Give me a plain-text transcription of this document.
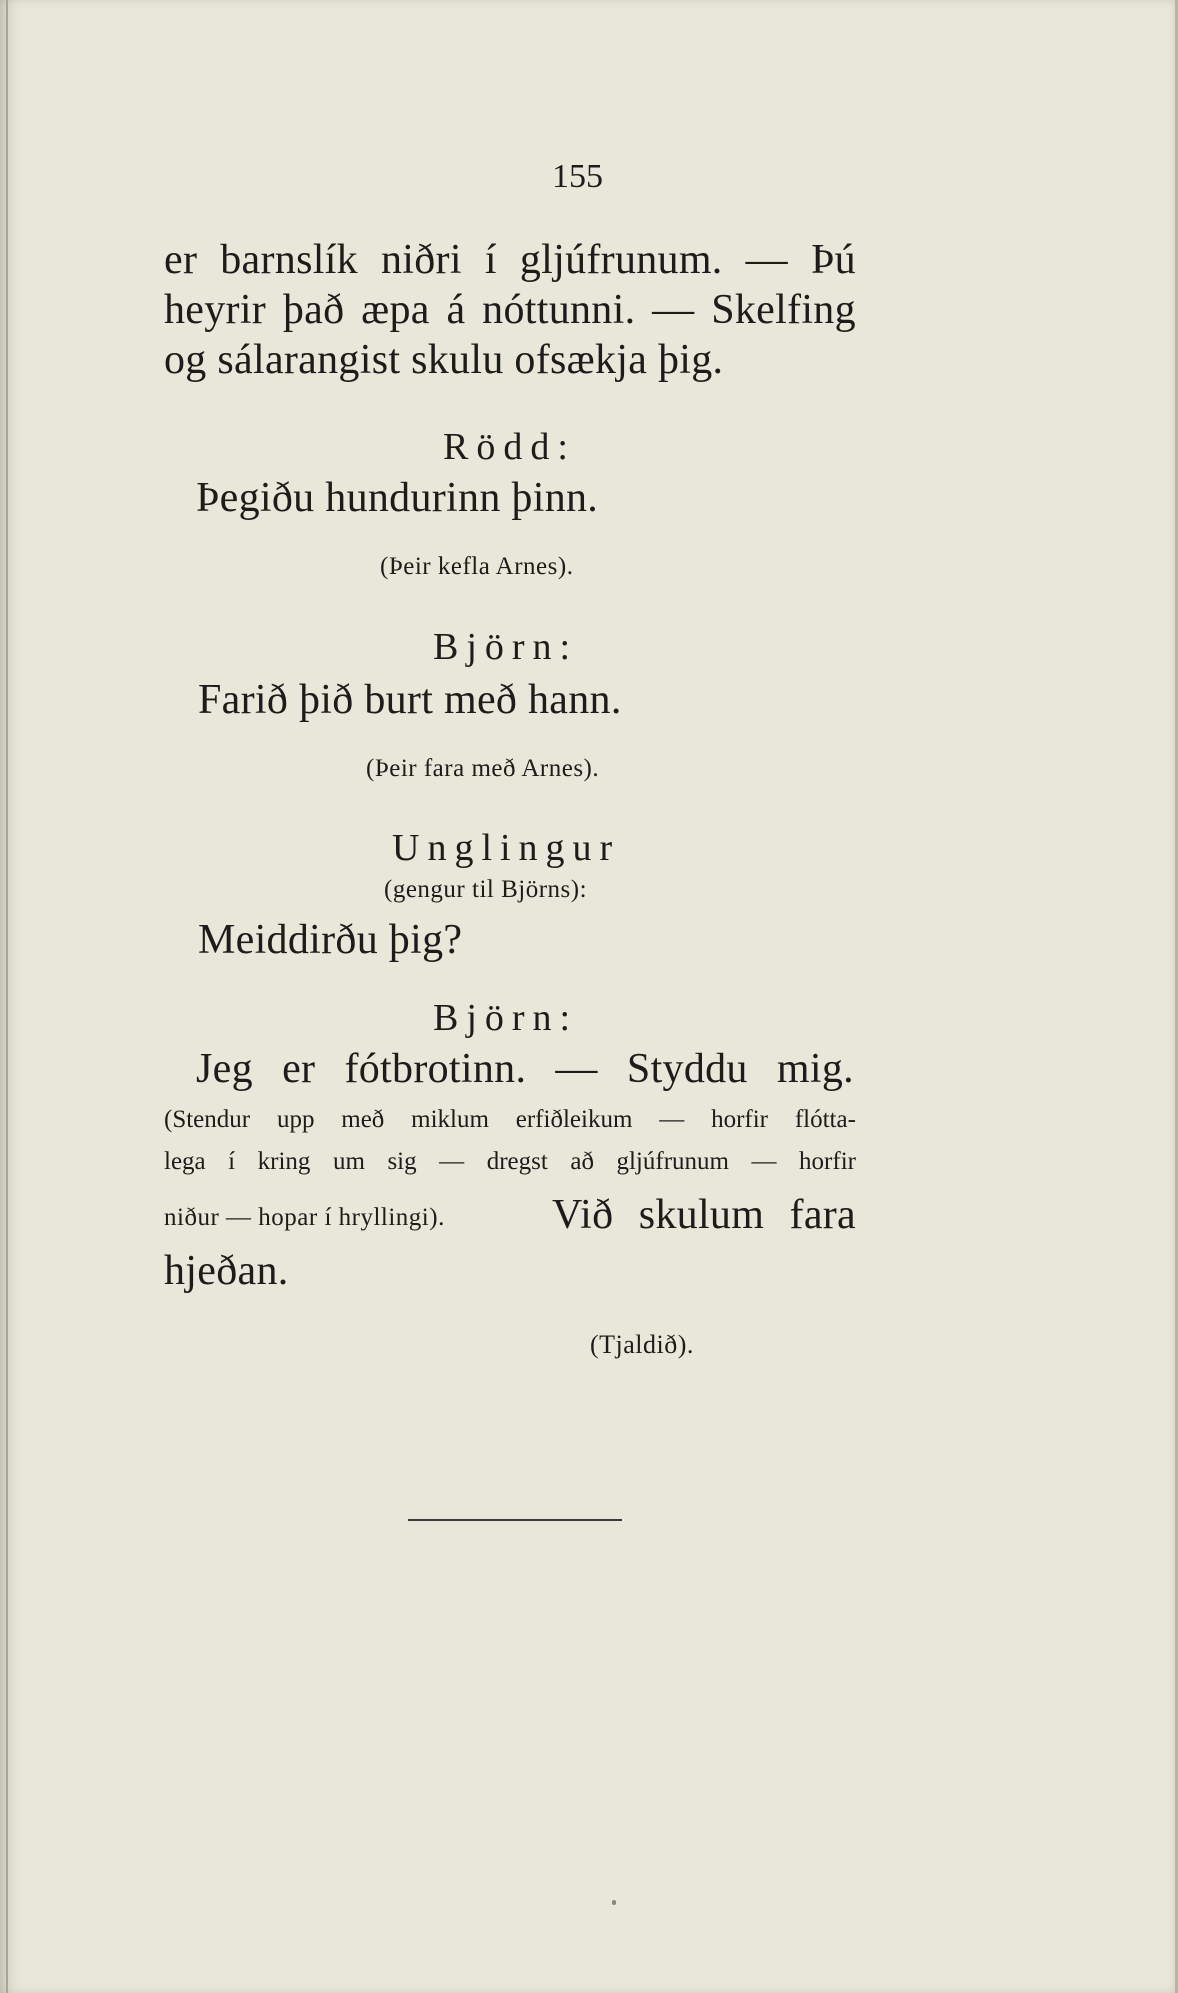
155
er barnslík niðri í gljúfrunum. — Þú
heyrir það æpa á nóttunni. — Skelfing
og sálarangist skulu ofsækja þig.
Rödd:
Þegiðu hundurinn þinn.
(Þeir kefla Arnes).
Björn:
Farið þið burt með hann.
(Þeir fara með Arnes).
Unglingur
(gengur til Björns):
Meiddirðu þig?
Björn:
Jeg er fótbrotinn. — Styddu mig.
(Stendur upp með miklum erfiðleikum — horfir flótta-
lega í kring um sig — dregst að gljúfrunum — horfir
niður — hopar í hryllingi).	Við skulum fara
hjeðan.
(Tjaldið).
